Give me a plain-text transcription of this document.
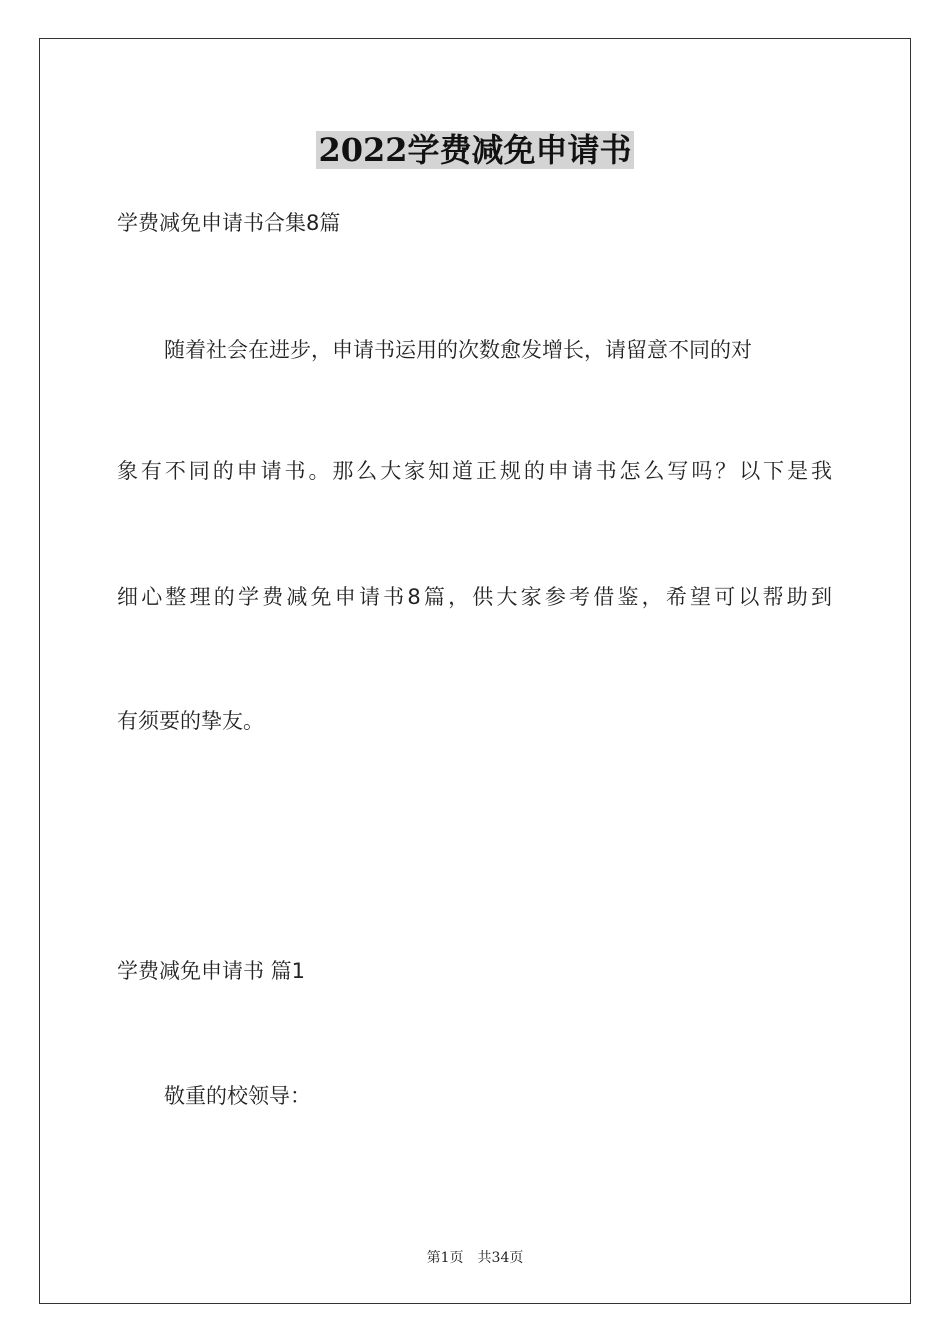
2022学费减免申请书
学费减免申请书合集8篇
随着社会在进步，申请书运用的次数愈发增长，请留意不同的对
象有不同的申请书。那么大家知道正规的申请书怎么写吗？以下是我
细心整理的学费减免申请书8篇，供大家参考借鉴，希望可以帮助到
有须要的挚友。
学费减免申请书 篇1
敬重的校领导：
第1页 共34页
